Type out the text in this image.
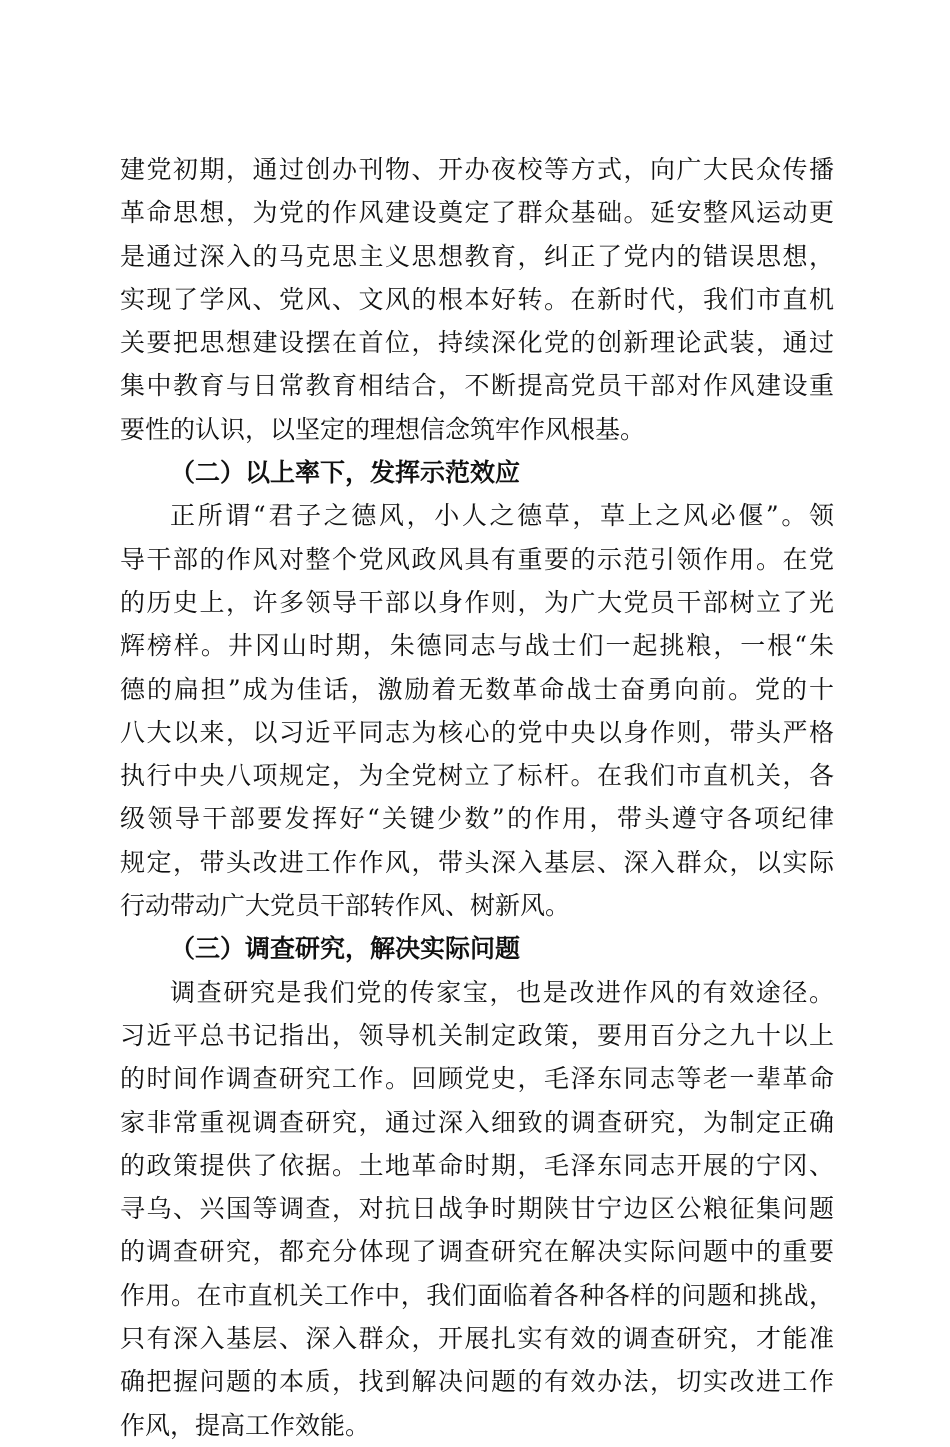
建党初期，通过创办刊物、开办夜校等方式，向广大民众传播
革命思想，为党的作风建设奠定了群众基础。延安整风运动更
是通过深入的马克思主义思想教育，纠正了党内的错误思想，
实现了学风、党风、文风的根本好转。在新时代，我们市直机
关要把思想建设摆在首位，持续深化党的创新理论武装，通过
集中教育与日常教育相结合，不断提高党员干部对作风建设重
要性的认识，以坚定的理想信念筑牢作风根基。
（二）以上率下，发挥示范效应
正所谓“君子之德风，小人之德草，草上之风必偃”。领
导干部的作风对整个党风政风具有重要的示范引领作用。在党
的历史上，许多领导干部以身作则，为广大党员干部树立了光
辉榜样。井冈山时期，朱德同志与战士们一起挑粮，一根“朱
德的扁担”成为佳话，激励着无数革命战士奋勇向前。党的十
八大以来，以习近平同志为核心的党中央以身作则，带头严格
执行中央八项规定，为全党树立了标杆。在我们市直机关，各
级领导干部要发挥好“关键少数”的作用，带头遵守各项纪律
规定，带头改进工作作风，带头深入基层、深入群众，以实际
行动带动广大党员干部转作风、树新风。
（三）调查研究，解决实际问题
调查研究是我们党的传家宝，也是改进作风的有效途径。
习近平总书记指出，领导机关制定政策，要用百分之九十以上
的时间作调查研究工作。回顾党史，毛泽东同志等老一辈革命
家非常重视调查研究，通过深入细致的调查研究，为制定正确
的政策提供了依据。土地革命时期，毛泽东同志开展的宁冈、
寻乌、兴国等调查，对抗日战争时期陕甘宁边区公粮征集问题
的调查研究，都充分体现了调查研究在解决实际问题中的重要
作用。在市直机关工作中，我们面临着各种各样的问题和挑战，
只有深入基层、深入群众，开展扎实有效的调查研究，才能准
确把握问题的本质，找到解决问题的有效办法，切实改进工作
作风，提高工作效能。
